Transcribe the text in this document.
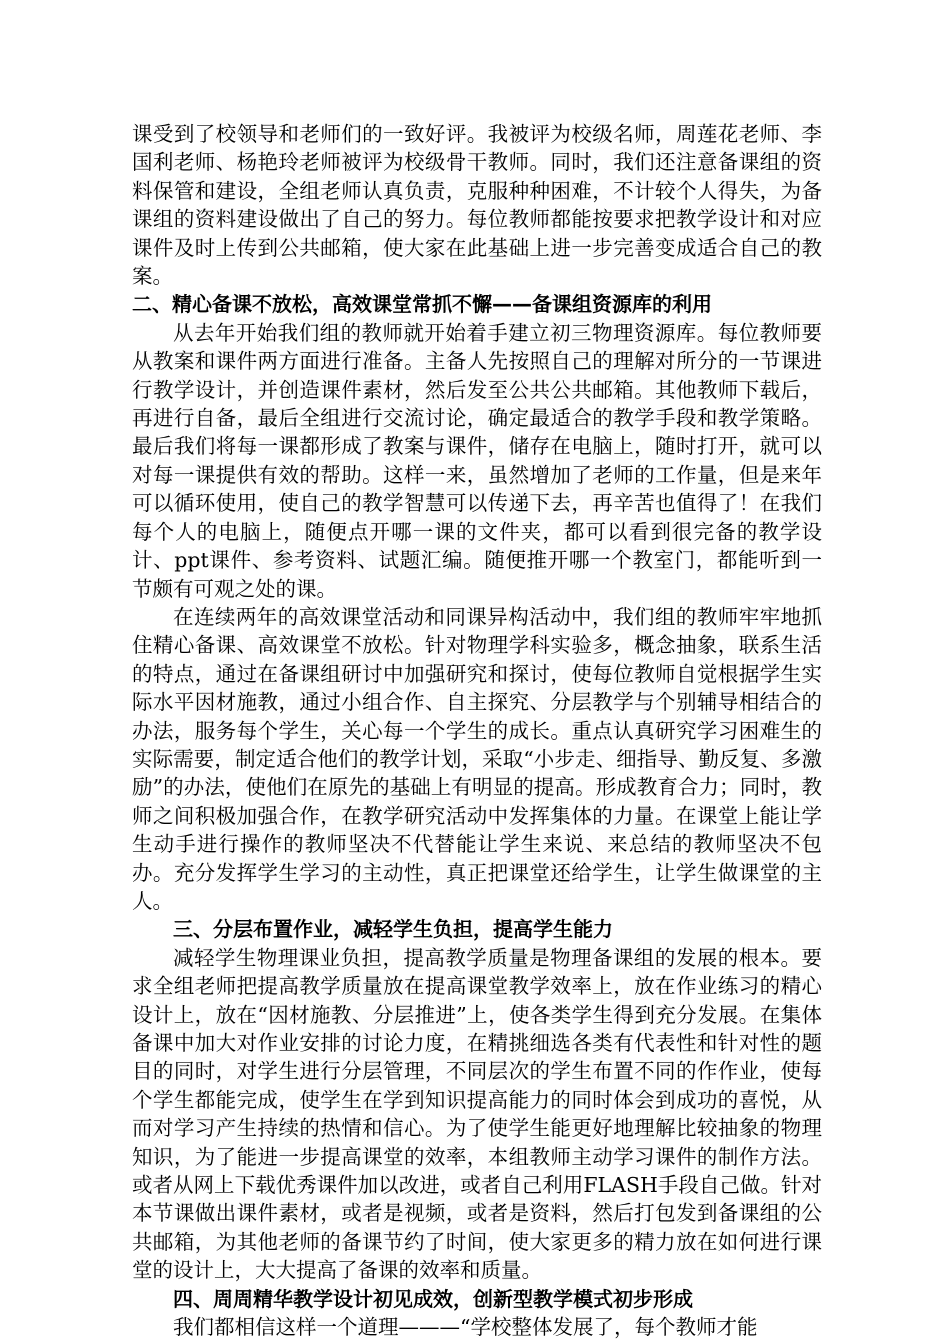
课受到了校领导和老师们的一致好评。我被评为校级名师，周莲花老师、李国利老师、杨艳玲老师被评为校级骨干教师。同时，我们还注意备课组的资料保管和建设，全组老师认真负责，克服种种困难，不计较个人得失，为备课组的资料建设做出了自己的努力。每位教师都能按要求把教学设计和对应课件及时上传到公共邮箱，使大家在此基础上进一步完善变成适合自己的教案。

二、精心备课不放松，高效课堂常抓不懈——备课组资源库的利用

从去年开始我们组的教师就开始着手建立初三物理资源库。每位教师要从教案和课件两方面进行准备。主备人先按照自己的理解对所分的一节课进行教学设计，并创造课件素材，然后发至公共公共邮箱。其他教师下载后，再进行自备，最后全组进行交流讨论，确定最适合的教学手段和教学策略。最后我们将每一课都形成了教案与课件，储存在电脑上，随时打开，就可以对每一课提供有效的帮助。这样一来，虽然增加了老师的工作量，但是来年可以循环使用，使自己的教学智慧可以传递下去，再辛苦也值得了！在我们每个人的电脑上，随便点开哪一课的文件夹，都可以看到很完备的教学设计、ppt课件、参考资料、试题汇编。随便推开哪一个教室门，都能听到一节颇有可观之处的课。

在连续两年的高效课堂活动和同课异构活动中，我们组的教师牢牢地抓住精心备课、高效课堂不放松。针对物理学科实验多，概念抽象，联系生活的特点，通过在备课组研讨中加强研究和探讨，使每位教师自觉根据学生实际水平因材施教，通过小组合作、自主探究、分层教学与个别辅导相结合的办法，服务每个学生，关心每一个学生的成长。重点认真研究学习困难生的实际需要，制定适合他们的教学计划，采取“小步走、细指导、勤反复、多激励”的办法，使他们在原先的基础上有明显的提高。形成教育合力；同时，教师之间积极加强合作，在教学研究活动中发挥集体的力量。在课堂上能让学生动手进行操作的教师坚决不代替能让学生来说、来总结的教师坚决不包办。充分发挥学生学习的主动性，真正把课堂还给学生，让学生做课堂的主人。

三、分层布置作业，减轻学生负担，提高学生能力

减轻学生物理课业负担，提高教学质量是物理备课组的发展的根本。要求全组老师把提高教学质量放在提高课堂教学效率上，放在作业练习的精心设计上，放在“因材施教、分层推进”上，使各类学生得到充分发展。在集体备课中加大对作业安排的讨论力度，在精挑细选各类有代表性和针对性的题目的同时，对学生进行分层管理，不同层次的学生布置不同的作作业，使每个学生都能完成，使学生在学到知识提高能力的同时体会到成功的喜悦，从而对学习产生持续的热情和信心。为了使学生能更好地理解比较抽象的物理知识，为了能进一步提高课堂的效率，本组教师主动学习课件的制作方法。或者从网上下载优秀课件加以改进，或者自己利用FLASH手段自己做。针对本节课做出课件素材，或者是视频，或者是资料，然后打包发到备课组的公共邮箱，为其他老师的备课节约了时间，使大家更多的精力放在如何进行课堂的设计上，大大提高了备课的效率和质量。

四、周周精华教学设计初见成效，创新型教学模式初步形成

我们都相信这样一个道理———“学校整体发展了，每个教师才能
